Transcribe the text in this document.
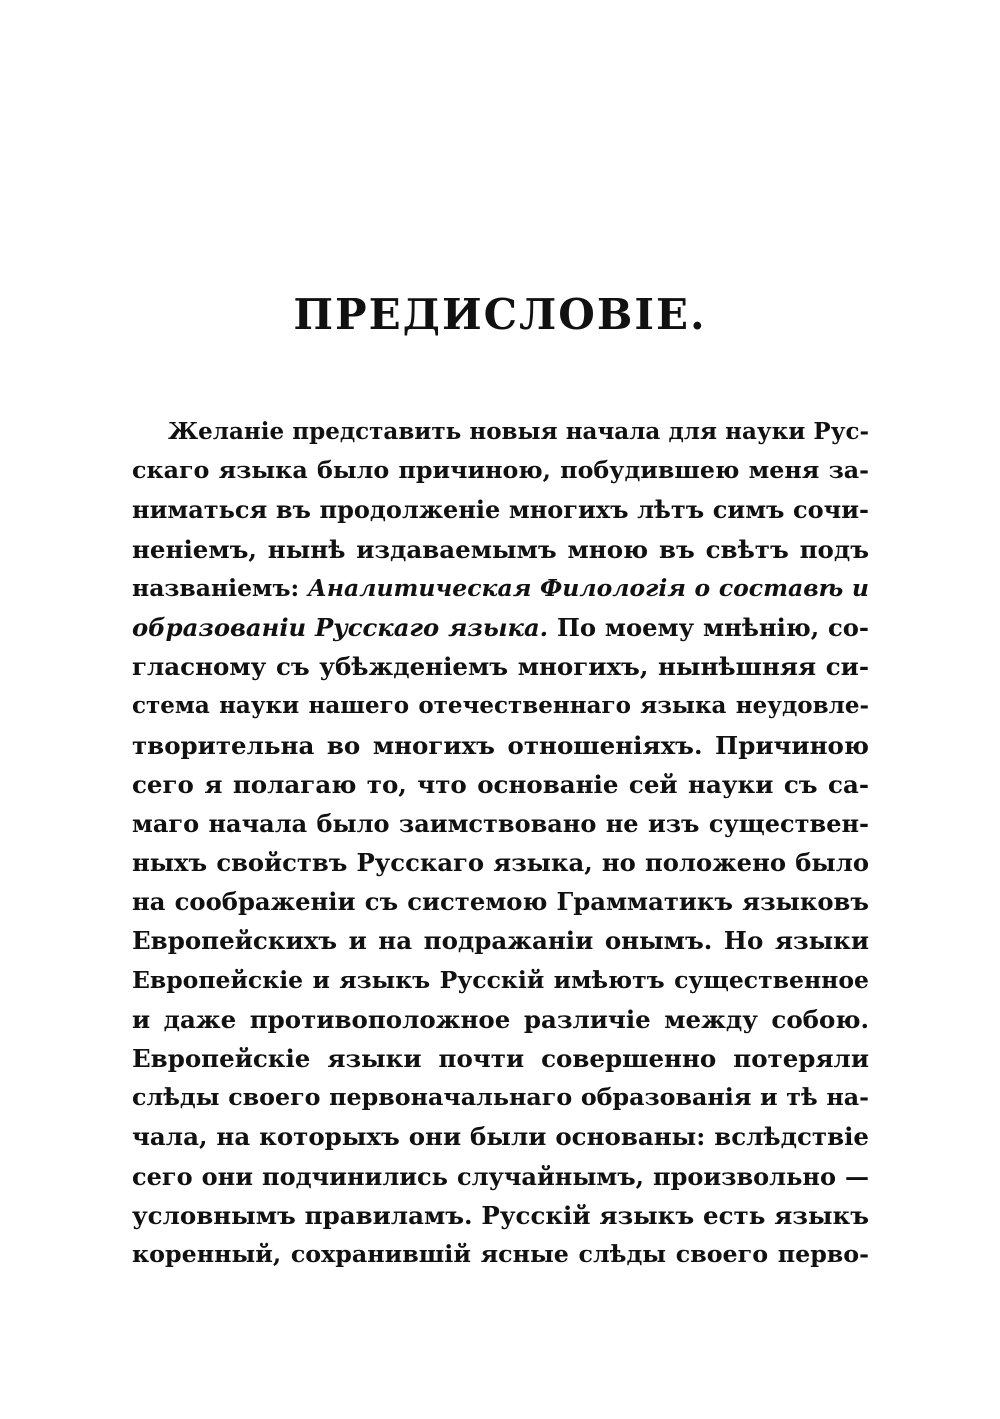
ПРЕДИСЛОВІЕ.
Желаніе представить новыя начала для науки Рус-
скаго языка было причиною, побудившею меня за-
ниматься въ продолженіе многихъ лѣтъ симъ сочи-
неніемъ, нынѣ издаваемымъ мною въ свѣтъ подъ
названіемъ: Аналитическая Филологія о составѣ и
образованіи Русскаго языка. По моему мнѣнію, со-
гласному съ убѣжденіемъ многихъ, нынѣшняя си-
стема науки нашего отечественнаго языка неудовле-
творительна во многихъ отношеніяхъ. Причиною
сего я полагаю то, что основаніе сей науки съ са-
маго начала было заимствовано не изъ существен-
ныхъ свойствъ Русскаго языка, но положено было
на соображеніи съ системою Грамматикъ языковъ
Европейскихъ и на подражаніи онымъ. Но языки
Европейскіе и языкъ Русскій имѣютъ существенное
и даже противоположное различіе между собою.
Европейскіе языки почти совершенно потеряли
слѣды своего первоначальнаго образованія и тѣ на-
чала, на которыхъ они были основаны: вслѣдствіе
сего они подчинились случайнымъ, произвольно —
условнымъ правиламъ. Русскій языкъ есть языкъ
коренный, сохранившій ясные слѣды своего перво-
